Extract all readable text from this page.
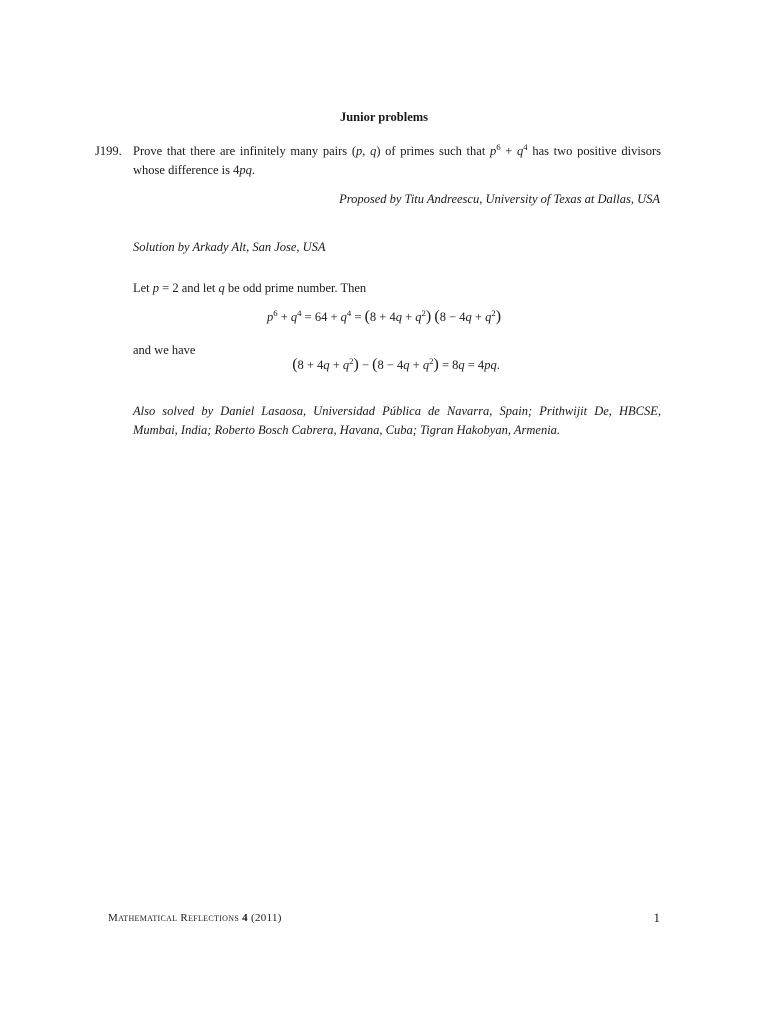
Junior problems
J199. Prove that there are infinitely many pairs (p, q) of primes such that $p^6 + q^4$ has two positive divisors whose difference is 4pq.
Proposed by Titu Andreescu, University of Texas at Dallas, USA
Solution by Arkady Alt, San Jose, USA
Let p = 2 and let q be odd prime number. Then
$p^6 + q^4 = 64 + q^4 = (8 + 4q + q^2) (8 - 4q + q^2)$
and we have
$(8 + 4q + q^2) - (8 - 4q + q^2) = 8q = 4pq$.
Also solved by Daniel Lasaosa, Universidad Pública de Navarra, Spain; Prithwijit De, HBCSE, Mumbai, India; Roberto Bosch Cabrera, Havana, Cuba; Tigran Hakobyan, Armenia.
Mathematical Reflections 4 (2011)	1
